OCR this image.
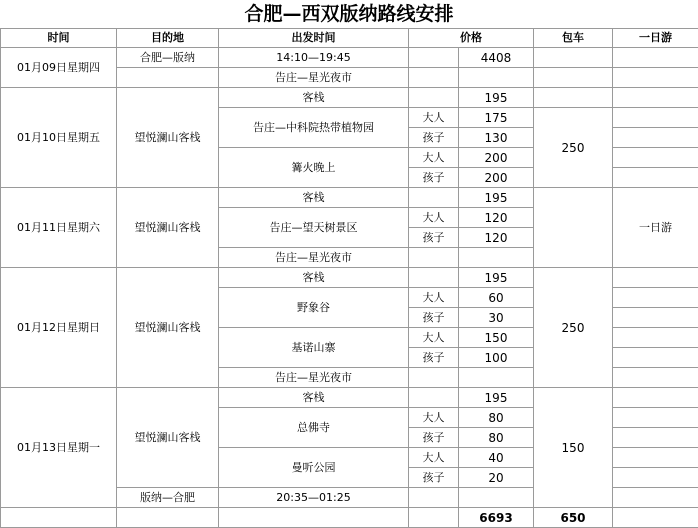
合肥—西双版纳路线安排
时间	目的地	出发时间	价格		包车	一日游
01月09日星期四	合肥—版纳	14:10—19:45		4408		
		告庄—星光夜市				
01月10日星期五	望悦澜山客栈	客栈		195		
		告庄—中科院热带植物园	大人	175	250	
			孩子	130		
		篝火晚上	大人	200		
			孩子	200		
01月11日星期六	望悦澜山客栈	客栈		195		一日游
		告庄—望天树景区	大人	120		
			孩子	120		
		告庄—星光夜市				
01月12日星期日	望悦澜山客栈	客栈		195	250	
		野象谷	大人	60		
			孩子	30		
		基诺山寨	大人	150		
			孩子	100		
		告庄—星光夜市				
01月13日星期一	望悦澜山客栈	客栈		195	150	
		总佛寺	大人	80		
			孩子	80		
		曼听公园	大人	40		
			孩子	20		
	版纳—合肥	20:35—01:25				
				6693	650	
